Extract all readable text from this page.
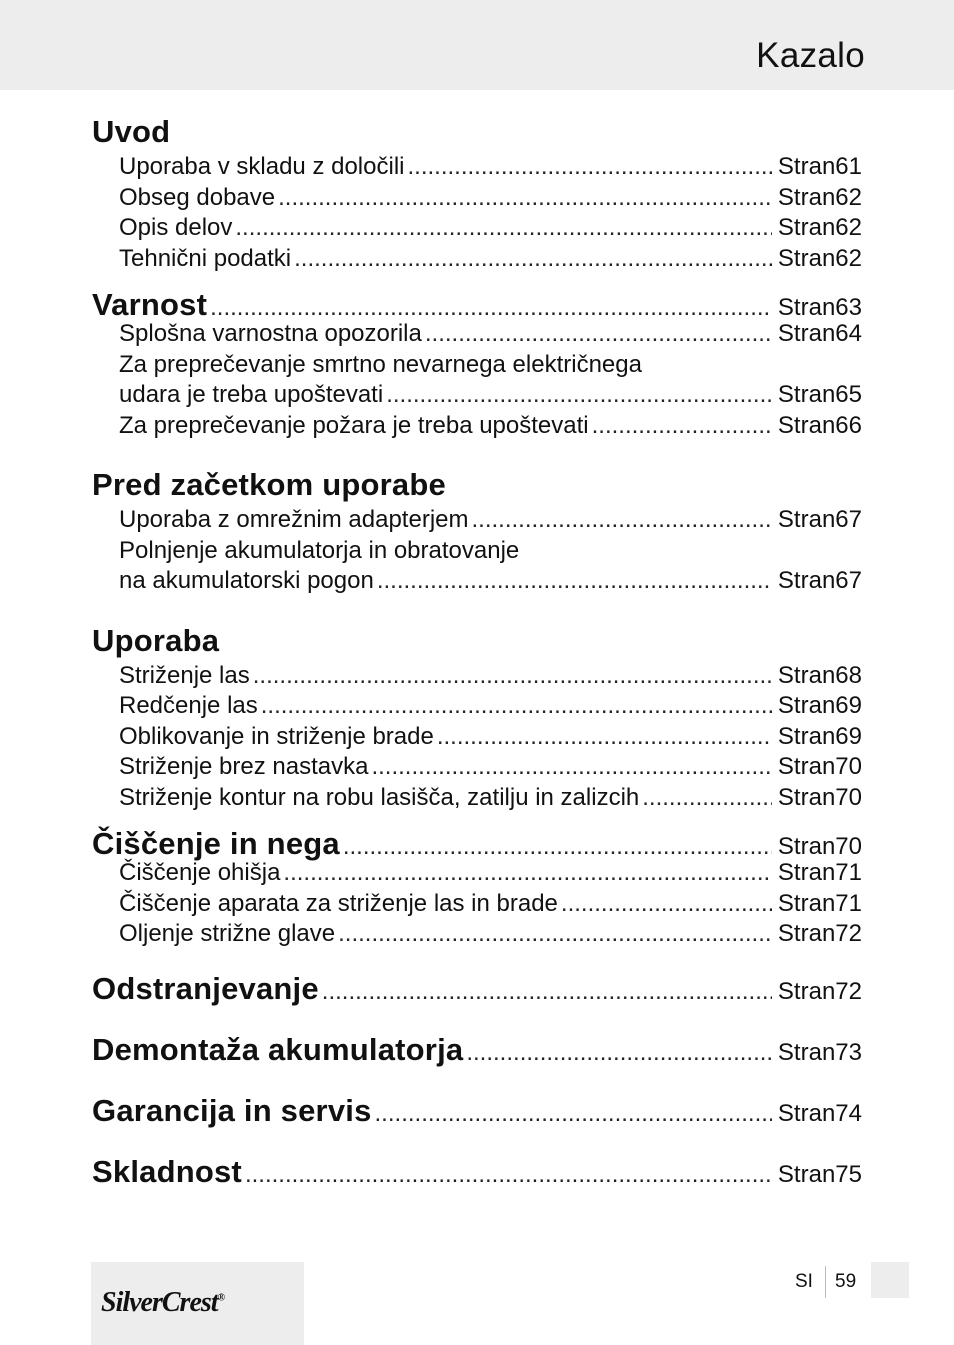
Kazalo
Uvod
Uporaba v skladu z določili .....	Stran 61
Obseg dobave .....	Stran 62
Opis delov .....	Stran 62
Tehnični podatki .....	Stran 62
Varnost .....	Stran 63
Splošna varnostna opozorila .....	Stran 64
Za preprečevanje smrtno nevarnega električnega
udara je treba upoštevati .....	Stran 65
Za preprečevanje požara je treba upoštevati .....	Stran 66
Pred začetkom uporabe
Uporaba z omrežnim adapterjem .....	Stran 67
Polnjenje akumulatorja in obratovanje
na akumulatorski pogon .....	Stran 67
Uporaba
Striženje las .....	Stran 68
Redčenje las .....	Stran 69
Oblikovanje in striženje brade .....	Stran 69
Striženje brez nastavka .....	Stran 70
Striženje kontur na robu lasišča, zatilju in zalizcih .....	Stran 70
Čiščenje in nega .....	Stran 70
Čiščenje ohišja .....	Stran 71
Čiščenje aparata za striženje las in brade .....	Stran 71
Oljenje strižne glave .....	Stran 72
Odstranjevanje .....	Stran 72
Demontaža akumulatorja .....	Stran 73
Garancija in servis .....	Stran 74
Skladnost .....	Stran 75
SilverCrest®
SI 59
